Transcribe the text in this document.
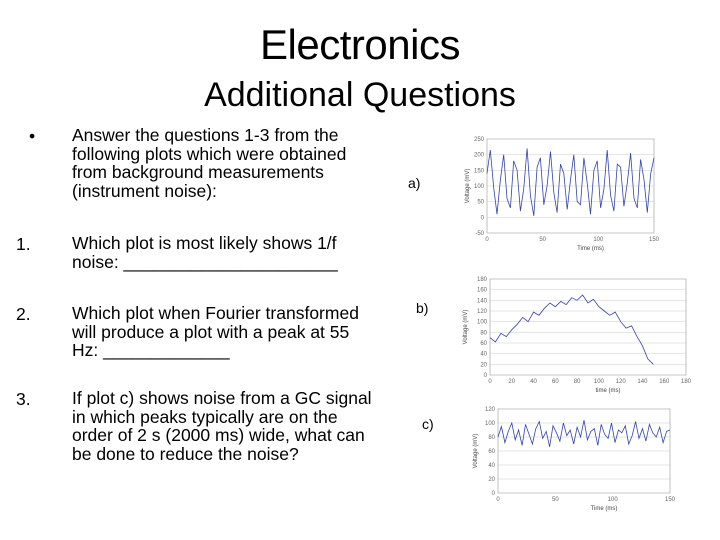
Electronics
Additional Questions
• Answer the questions 1-3 from the
following plots which were obtained
from background measurements
(instrument noise):
1. Which plot is most likely shows 1/f
noise: ______________________
2. Which plot when Fourier transformed
will produce a plot with a peak at 55
Hz: _____________
3. If plot c) shows noise from a GC signal
in which peaks typically are on the
order of 2 s (2000 ms) wide, what can
be done to reduce the noise?
a)
b)
c)
-50
0
50
100
150
200
250
0	50	100	150
Time (ms)
Voltage (mV)
0
20
40
60
80
100
120
140
160
180
0	20	40	60	80 100 120 140 160 180
time (ms)
Voltage (mV)
0
20
40
60
80
100
120
0	50	100	150
Time (ms)
Voltage (mV)
